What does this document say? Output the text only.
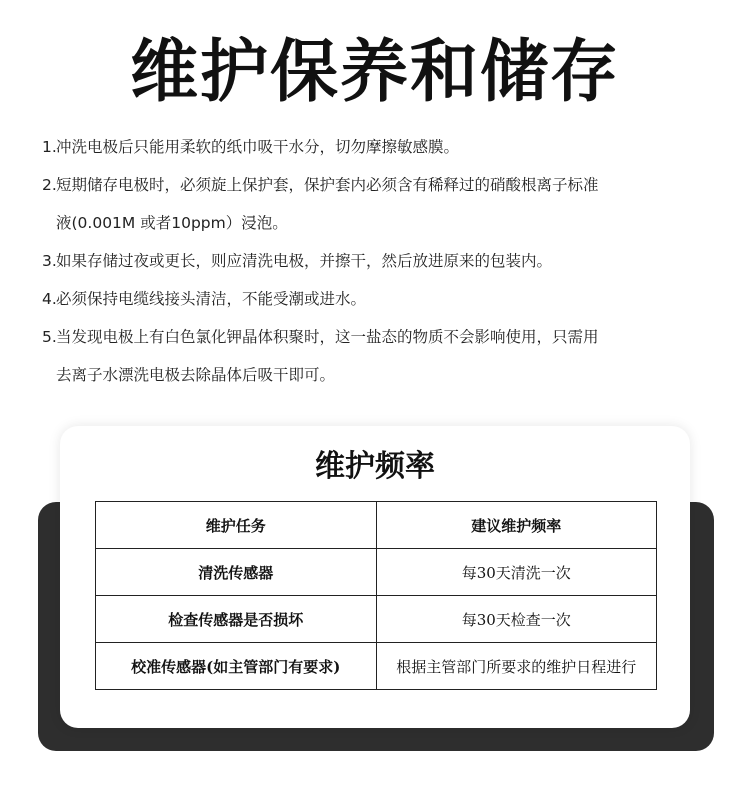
维护保养和储存
1.冲洗电极后只能用柔软的纸巾吸干水分，切勿摩擦敏感膜。
2.短期储存电极时，必须旋上保护套，保护套内必须含有稀释过的硝酸根离子标准
液(0.001M 或者10ppm）浸泡。
3.如果存储过夜或更长，则应清洗电极，并擦干，然后放进原来的包装内。
4.必须保持电缆线接头清洁，不能受潮或进水。
5.当发现电极上有白色氯化钾晶体积聚时，这一盐态的物质不会影响使用，只需用
去离子水漂洗电极去除晶体后吸干即可。
维护频率
维护任务	建议维护频率
清洗传感器	每30天清洗一次
检查传感器是否损坏	每30天检查一次
校准传感器(如主管部门有要求)	根据主管部门所要求的维护日程进行
